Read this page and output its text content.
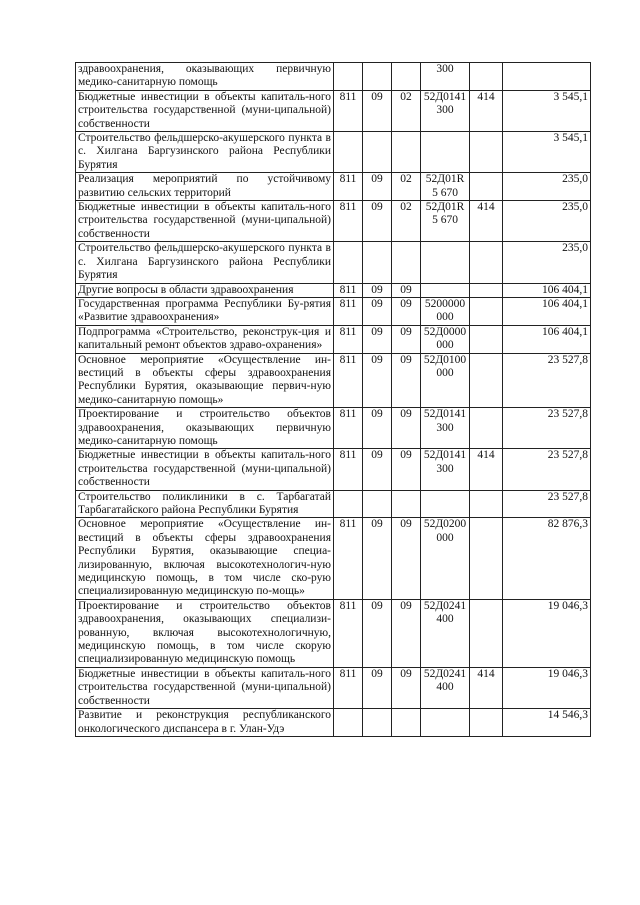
здравоохранения, оказывающих первичную медико-санитарную помощь				300		
Бюджетные инвестиции в объекты капиталь-ного строительства государственной (муни-ципальной) собственности	811	09	02	52Д0141 300	414	3 545,1
Строительство фельдшерско-акушерского пункта в с. Хилгана Баргузинского района Республики Бурятия						3 545,1
Реализация мероприятий по устойчивому развитию сельских территорий	811	09	02	52Д01R5 670		235,0
Бюджетные инвестиции в объекты капиталь-ного строительства государственной (муни-ципальной) собственности	811	09	02	52Д01R5 670	414	235,0
Строительство фельдшерско-акушерского пункта в с. Хилгана Баргузинского района Республики Бурятия						235,0
Другие вопросы в области здравоохранения	811	09	09			106 404,1
Государственная программа Республики Бу-рятия «Развитие здравоохранения»	811	09	09	5200000 000		106 404,1
Подпрограмма «Строительство, реконструк-ция и капитальный ремонт объектов здраво-охранения»	811	09	09	52Д0000 000		106 404,1
Основное мероприятие «Осуществление ин-вестиций в объекты сферы здравоохранения Республики Бурятия, оказывающие первич-ную медико-санитарную помощь»	811	09	09	52Д0100 000		23 527,8
Проектирование и строительство объектов здравоохранения, оказывающих первичную медико-санитарную помощь	811	09	09	52Д0141 300		23 527,8
Бюджетные инвестиции в объекты капиталь-ного строительства государственной (муни-ципальной) собственности	811	09	09	52Д0141 300	414	23 527,8
Строительство поликлиники в с. Тарбагатай Тарбагатайского района Республики Бурятия						23 527,8
Основное мероприятие «Осуществление ин-вестиций в объекты сферы здравоохранения Республики Бурятия, оказывающие специа-лизированную, включая высокотехнологич-ную медицинскую помощь, в том числе ско-рую специализированную медицинскую по-мощь»	811	09	09	52Д0200 000		82 876,3
Проектирование и строительство объектов здравоохранения, оказывающих специализи-рованную, включая высокотехнологичную, медицинскую помощь, в том числе скорую специализированную медицинскую помощь	811	09	09	52Д0241 400		19 046,3
Бюджетные инвестиции в объекты капиталь-ного строительства государственной (муни-ципальной) собственности	811	09	09	52Д0241 400	414	19 046,3
Развитие и реконструкция республиканского онкологического диспансера в г. Улан-Удэ						14 546,3
